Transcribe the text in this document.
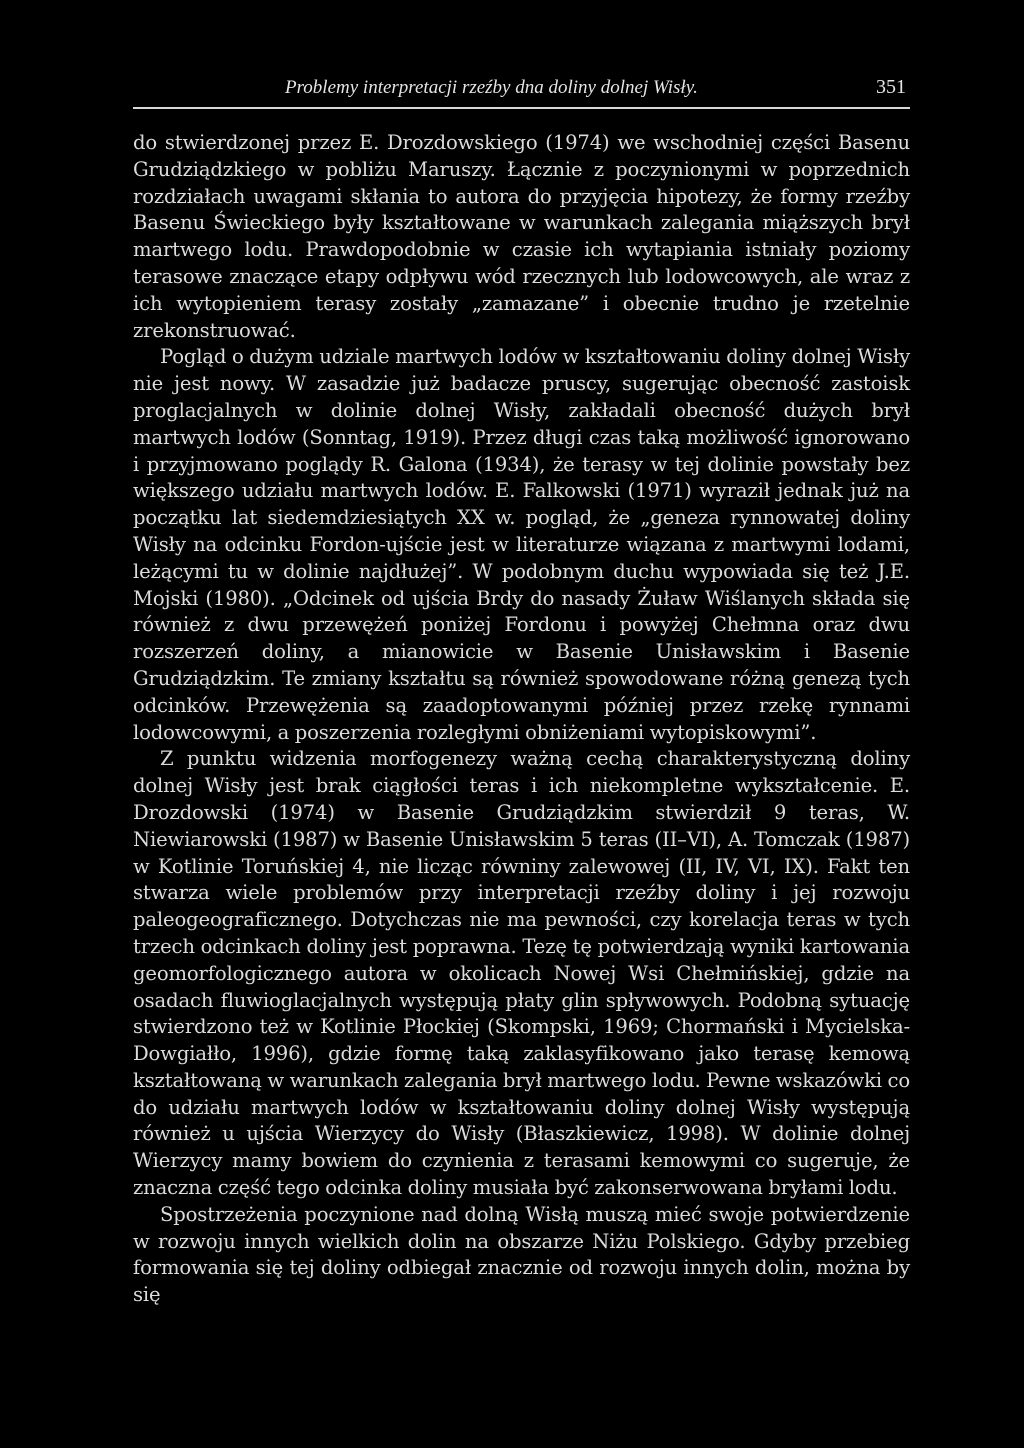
Problemy interpretacji rzeźby dna doliny dolnej Wisły.	351

do stwierdzonej przez E. Drozdowskiego (1974) we wschodniej części Basenu Grudziądzkiego w pobliżu Maruszy. Łącznie z poczynionymi w poprzednich rozdziałach uwagami skłania to autora do przyjęcia hipotezy, że formy rzeźby Basenu Świeckiego były kształtowane w warunkach zalegania miąższych brył martwego lodu. Prawdopodobnie w czasie ich wytapiania istniały poziomy terasowe znaczące etapy odpływu wód rzecznych lub lodowcowych, ale wraz z ich wytopieniem terasy zostały „zamazane” i obecnie trudno je rzetelnie zrekonstruować.

Pogląd o dużym udziale martwych lodów w kształtowaniu doliny dolnej Wisły nie jest nowy. W zasadzie już badacze pruscy, sugerując obecność zastoisk proglacjalnych w dolinie dolnej Wisły, zakładali obecność dużych brył martwych lodów (Sonntag, 1919). Przez długi czas taką możliwość ignorowano i przyjmowano poglądy R. Galona (1934), że terasy w tej dolinie powstały bez większego udziału martwych lodów. E. Falkowski (1971) wyraził jednak już na początku lat siedemdziesiątych XX w. pogląd, że „geneza rynnowatej doliny Wisły na odcinku Fordon-ujście jest w literaturze wiązana z martwymi lodami, leżącymi tu w dolinie najdłużej”. W podobnym duchu wypowiada się też J.E. Mojski (1980). „Odcinek od ujścia Brdy do nasady Żuław Wiślanych składa się również z dwu przewężeń poniżej Fordonu i powyżej Chełmna oraz dwu rozszerzeń doliny, a mianowicie w Basenie Unisławskim i Basenie Grudziądzkim. Te zmiany kształtu są również spowodowane różną genezą tych odcinków. Przewężenia są zaadoptowanymi później przez rzekę rynnami lodowcowymi, a poszerzenia rozległymi obniżeniami wytopiskowymi”.

Z punktu widzenia morfogenezy ważną cechą charakterystyczną doliny dolnej Wisły jest brak ciągłości teras i ich niekompletne wykształcenie. E. Drozdowski (1974) w Basenie Grudziądzkim stwierdził 9 teras, W. Niewiarowski (1987) w Basenie Unisławskim 5 teras (II–VI), A. Tomczak (1987) w Kotlinie Toruńskiej 4, nie licząc równiny zalewowej (II, IV, VI, IX). Fakt ten stwarza wiele problemów przy interpretacji rzeźby doliny i jej rozwoju paleogeograficznego. Dotychczas nie ma pewności, czy korelacja teras w tych trzech odcinkach doliny jest poprawna. Tezę tę potwierdzają wyniki kartowania geomorfologicznego autora w okolicach Nowej Wsi Chełmińskiej, gdzie na osadach fluwioglacjalnych występują płaty glin spływowych. Podobną sytuację stwierdzono też w Kotlinie Płockiej (Skompski, 1969; Chormański i Mycielska-Dowgiałło, 1996), gdzie formę taką zaklasyfikowano jako terasę kemową kształtowaną w warunkach zalegania brył martwego lodu. Pewne wskazówki co do udziału martwych lodów w kształtowaniu doliny dolnej Wisły występują również u ujścia Wierzycy do Wisły (Błaszkiewicz, 1998). W dolinie dolnej Wierzycy mamy bowiem do czynienia z terasami kemowymi co sugeruje, że znaczna część tego odcinka doliny musiała być zakonserwowana bryłami lodu.

Spostrzeżenia poczynione nad dolną Wisłą muszą mieć swoje potwierdzenie w rozwoju innych wielkich dolin na obszarze Niżu Polskiego. Gdyby przebieg formowania się tej doliny odbiegał znacznie od rozwoju innych dolin, można by się
